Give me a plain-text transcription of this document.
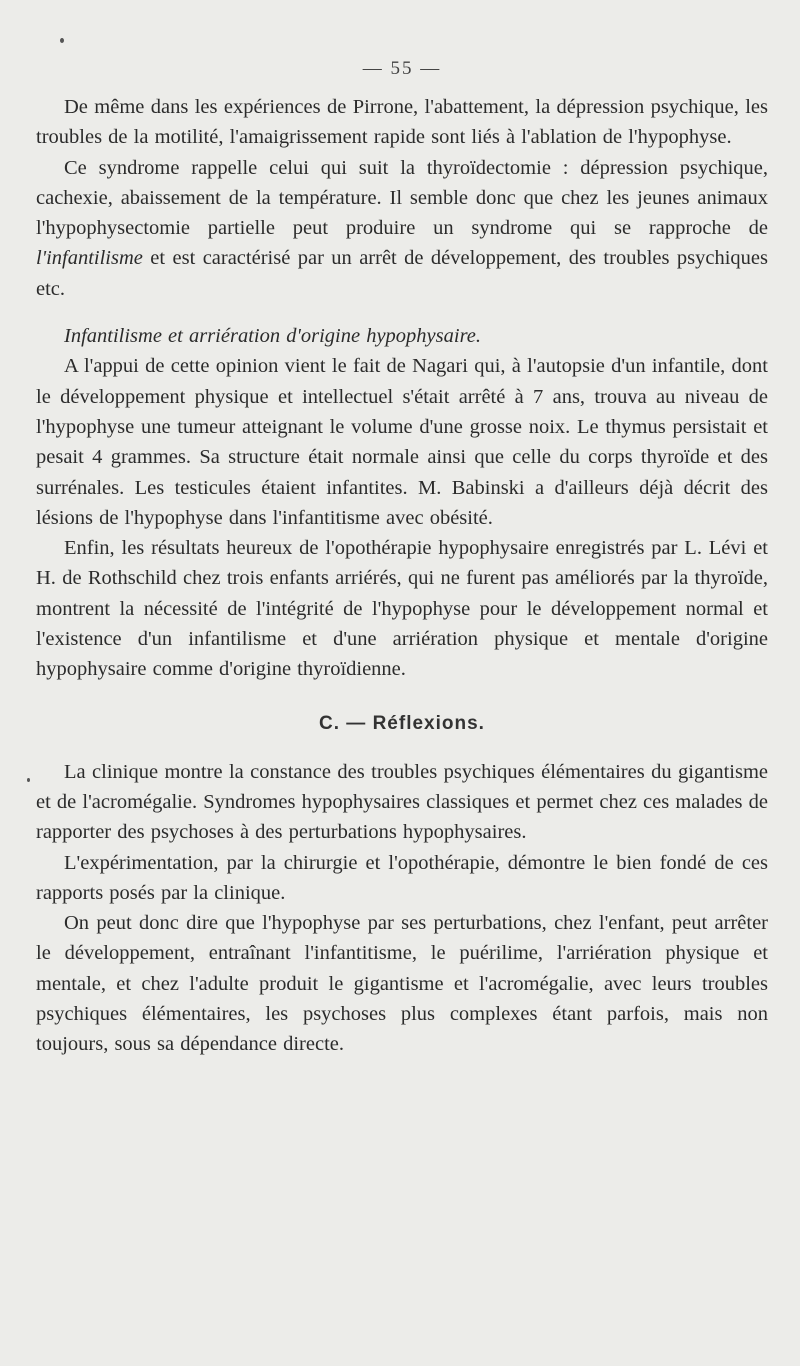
— 55 —

De même dans les expériences de Pirrone, l'abattement, la dépression psychique, les troubles de la motilité, l'amaigrissement rapide sont liés à l'ablation de l'hypophyse.

Ce syndrome rappelle celui qui suit la thyroïdectomie : dépression psychique, cachexie, abaissement de la température. Il semble donc que chez les jeunes animaux l'hypophysectomie partielle peut produire un syndrome qui se rapproche de l'infantilisme et est caractérisé par un arrêt de développement, des troubles psychiques etc.

Infantilisme et arriération d'origine hypophysaire.

A l'appui de cette opinion vient le fait de Nagari qui, à l'autopsie d'un infantile, dont le développement physique et intellectuel s'était arrêté à 7 ans, trouva au niveau de l'hypophyse une tumeur atteignant le volume d'une grosse noix. Le thymus persistait et pesait 4 grammes. Sa structure était normale ainsi que celle du corps thyroïde et des surrénales. Les testicules étaient infantites. M. Babinski a d'ailleurs déjà décrit des lésions de l'hypophyse dans l'infantitisme avec obésité.

Enfin, les résultats heureux de l'opothérapie hypophysaire enregistrés par L. Lévi et H. de Rothschild chez trois enfants arriérés, qui ne furent pas améliorés par la thyroïde, montrent la nécessité de l'intégrité de l'hypophyse pour le développement normal et l'existence d'un infantilisme et d'une arriération physique et mentale d'origine hypophysaire comme d'origine thyroïdienne.

C. — Réflexions.

La clinique montre la constance des troubles psychiques élémentaires du gigantisme et de l'acromégalie. Syndromes hypophysaires classiques et permet chez ces malades de rapporter des psychoses à des perturbations hypophysaires.

L'expérimentation, par la chirurgie et l'opothérapie, démontre le bien fondé de ces rapports posés par la clinique.

On peut donc dire que l'hypophyse par ses perturbations, chez l'enfant, peut arrêter le développement, entraînant l'infantitisme, le puérilime, l'arriération physique et mentale, et chez l'adulte produit le gigantisme et l'acromégalie, avec leurs troubles psychiques élémentaires, les psychoses plus complexes étant parfois, mais non toujours, sous sa dépendance directe.
